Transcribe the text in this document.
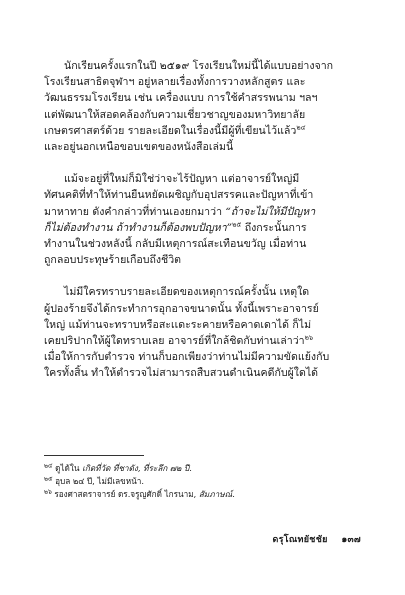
นักเรียนครั้งแรกในปี ๒๕๑๙ โรงเรียนใหม่นี้ได้แบบอย่างจาก
โรงเรียนสาธิตจุฬาฯ อยู่หลายเรื่องทั้งการวางหลักสูตร และ
วัฒนธรรมโรงเรียน เช่น เครื่องแบบ การใช้คำสรรพนาม ฯลฯ
แต่พัฒนาให้สอดคล้องกับความเชี่ยวชาญของมหาวิทยาลัย
เกษตรศาสตร์ด้วย รายละเอียดในเรื่องนี้มีผู้ที่เขียนไว้แล้ว$^{๒๔}$
และอยู่นอกเหนือขอบเขตของหนังสือเล่มนี้
แม้จะอยู่ที่ใหม่ก็มิใช่ว่าจะไร้ปัญหา แต่อาจารย์ใหญ่มี
ทัศนคติที่ทำให้ท่านยืนหยัดเผชิญกับอุปสรรคและปัญหาที่เข้า
มาหาทาย ดังคำกล่าวที่ท่านเองยกมาว่า “ถ้าจะไม่ให้มีปัญหา
ก็ไม่ต้องทำงาน ถ้าทำงานก็ต้องพบปัญหา”$^{๒๕}$ ถึงกระนั้นการ
ทำงานในช่วงหลังนี้ กลับมีเหตุการณ์สะเทือนขวัญ เมื่อท่าน
ถูกลอบประทุษร้ายเกือบถึงชีวิต
ไม่มีใครทราบรายละเอียดของเหตุการณ์ครั้งนั้น เหตุใด
ผู้ปองร้ายจึงได้กระทำการอุกอาจขนาดนั้น ทั้งนี้เพราะอาจารย์
ใหญ่ แม้ท่านจะทราบหรือสะเเดะระคายหรือคาดเดาได้ ก็ไม่
เคยปริปากให้ผู้ใดทราบเลย อาจารย์ที่ใกล้ชิดกับท่านเล่าว่า$^{๒๖}$
เมื่อให้การกับตำรวจ ท่านก็บอกเพียงว่าท่านไม่มีความขัดแย้งกับ
ใครทั้งสิ้น ทำให้ตำรวจไม่สามารถสืบสวนดำเนินคดีกับผู้ใดได้
$^{๒๔}$ ดูได้ใน เกิดที่วัด ที่ชาดัง, ที่ระลึก ๗๒ ปี.
$^{๒๕}$ อุบล ๒๔ ปี, ไม่มีเลขหน้า.
$^{๒๖}$ รองศาสตราจารย์ ดร.จรูญศักดิ์ ไกรนาม, สัมภาษณ์.
ดรุโณทยัชชัย ๑๓๗
